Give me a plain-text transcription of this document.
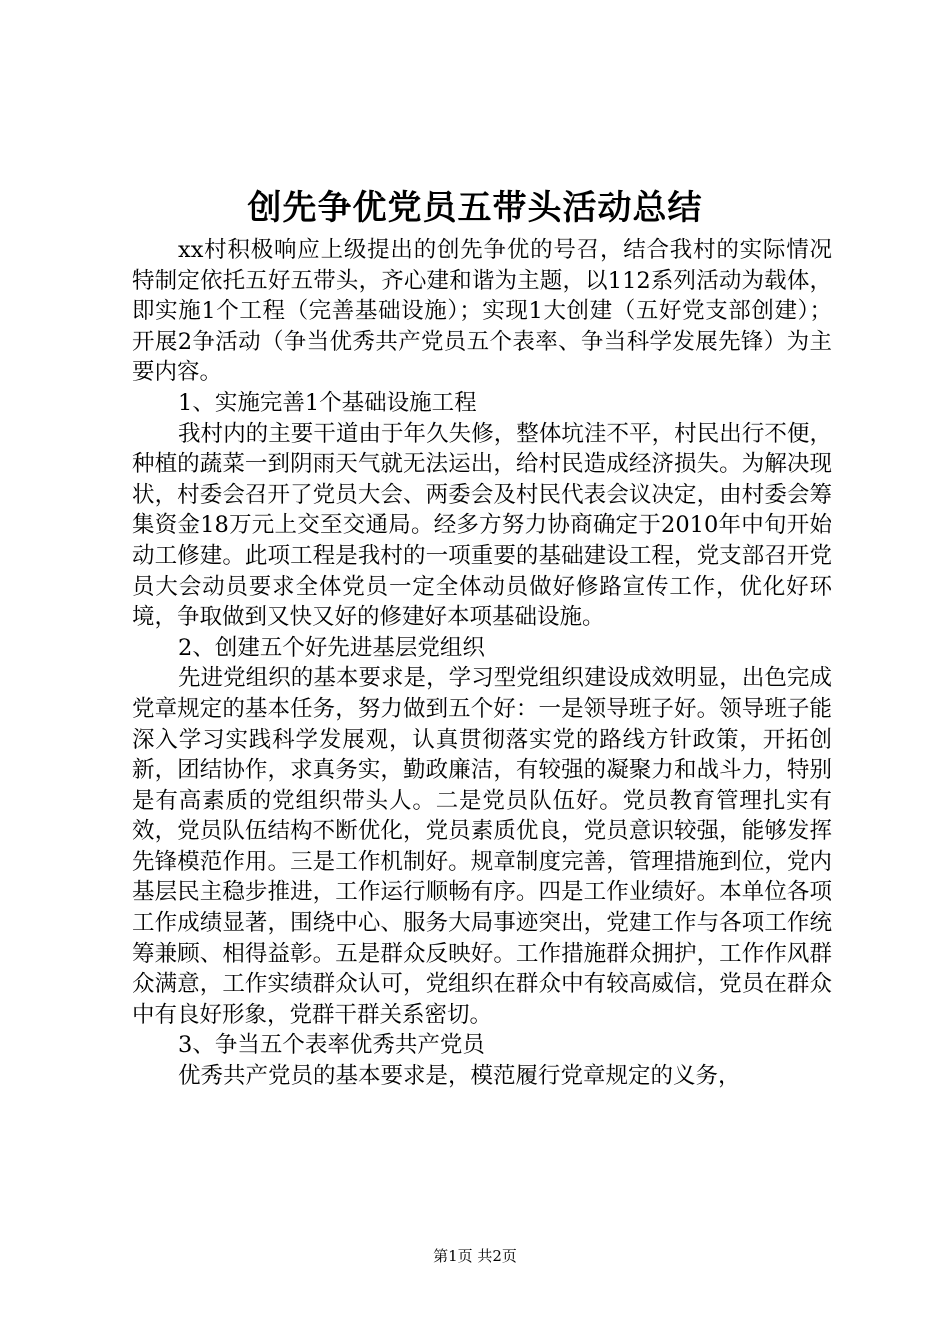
创先争优党员五带头活动总结

xx村积极响应上级提出的创先争优的号召，结合我村的实际情况特制定依托五好五带头，齐心建和谐为主题，以112系列活动为载体，即实施1个工程（完善基础设施）；实现1大创建（五好党支部创建）；开展2争活动（争当优秀共产党员五个表率、争当科学发展先锋）为主要内容。

1、实施完善1个基础设施工程

我村内的主要干道由于年久失修，整体坑洼不平，村民出行不便，种植的蔬菜一到阴雨天气就无法运出，给村民造成经济损失。为解决现状，村委会召开了党员大会、两委会及村民代表会议决定，由村委会筹集资金18万元上交至交通局。经多方努力协商确定于2010年中旬开始动工修建。此项工程是我村的一项重要的基础建设工程，党支部召开党员大会动员要求全体党员一定全体动员做好修路宣传工作，优化好环境，争取做到又快又好的修建好本项基础设施。

2、创建五个好先进基层党组织

先进党组织的基本要求是，学习型党组织建设成效明显，出色完成党章规定的基本任务，努力做到五个好：一是领导班子好。领导班子能深入学习实践科学发展观，认真贯彻落实党的路线方针政策，开拓创新，团结协作，求真务实，勤政廉洁，有较强的凝聚力和战斗力，特别是有高素质的党组织带头人。二是党员队伍好。党员教育管理扎实有效，党员队伍结构不断优化，党员素质优良，党员意识较强，能够发挥先锋模范作用。三是工作机制好。规章制度完善，管理措施到位，党内基层民主稳步推进，工作运行顺畅有序。四是工作业绩好。本单位各项工作成绩显著，围绕中心、服务大局事迹突出，党建工作与各项工作统筹兼顾、相得益彰。五是群众反映好。工作措施群众拥护，工作作风群众满意，工作实绩群众认可，党组织在群众中有较高威信，党员在群众中有良好形象，党群干群关系密切。

3、争当五个表率优秀共产党员

优秀共产党员的基本要求是，模范履行党章规定的义务，

第1页 共2页
